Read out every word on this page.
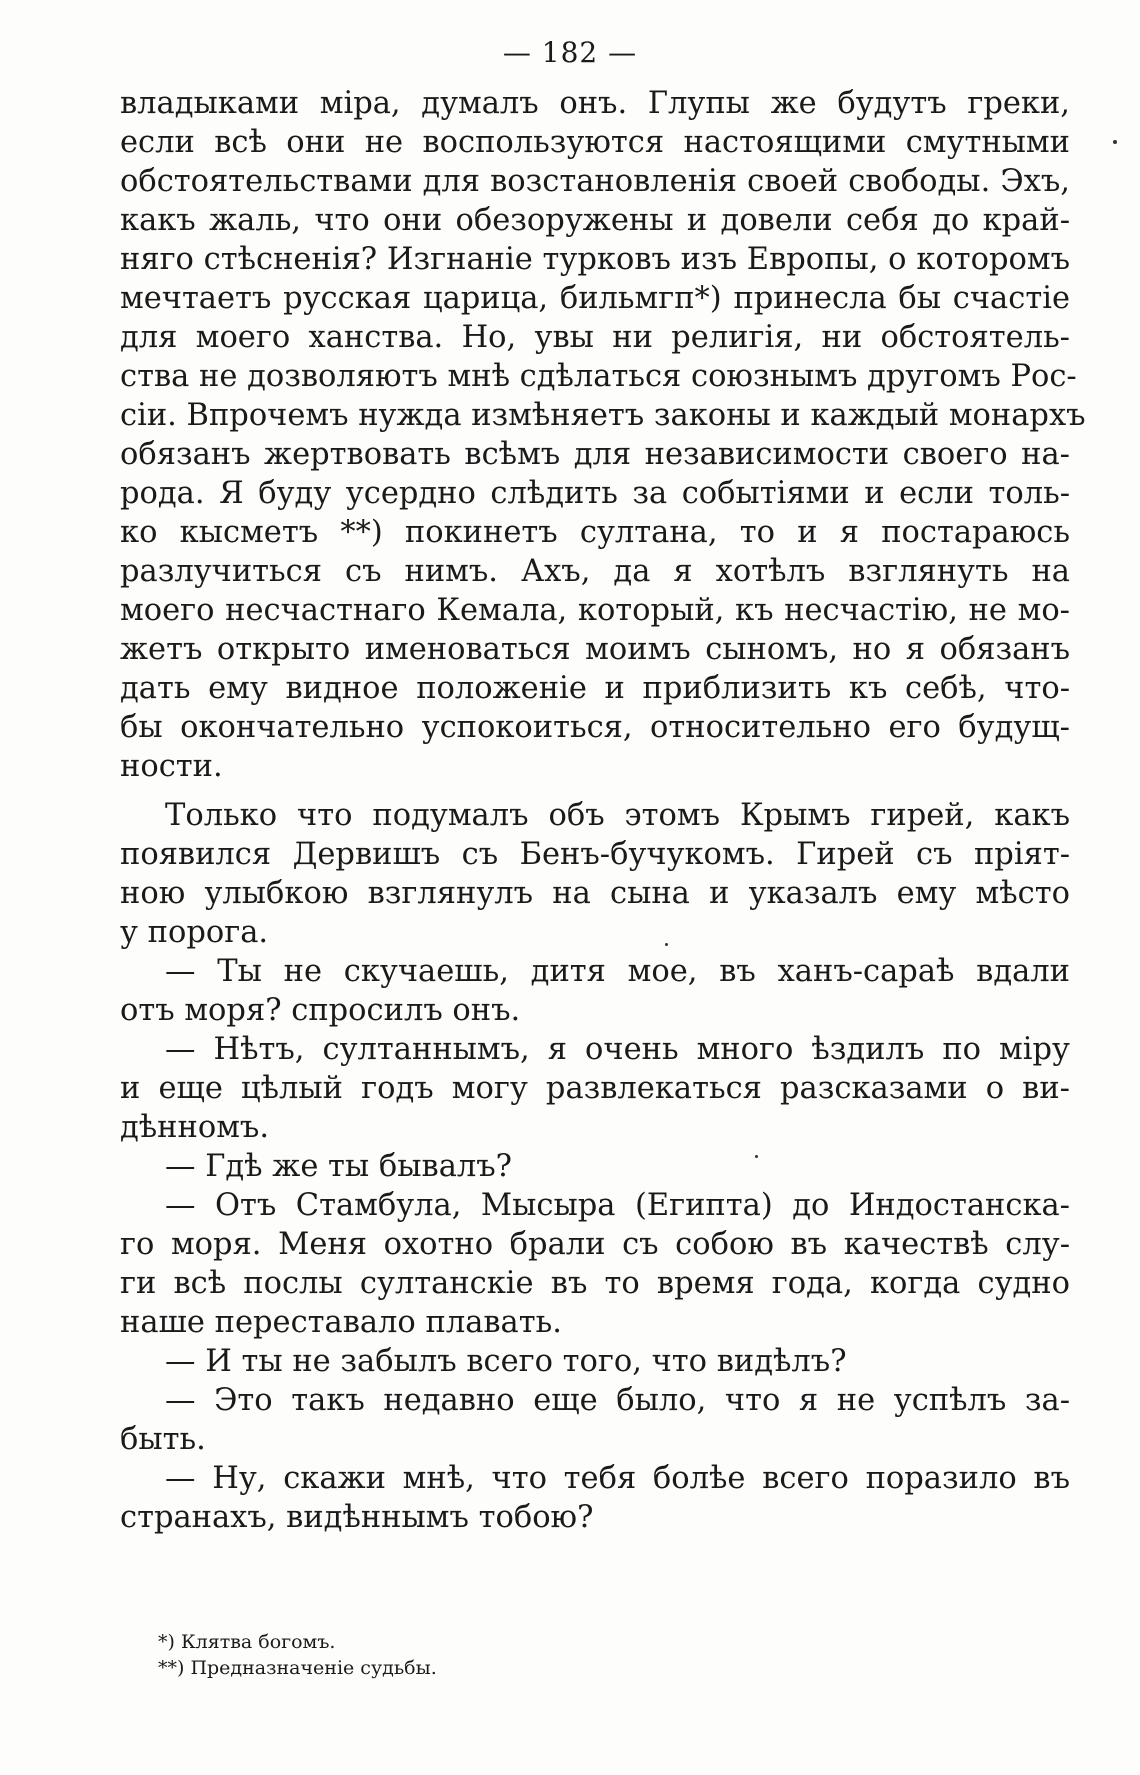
— 182 —
владыками міра, думалъ онъ. Глупы же будутъ греки,
если всѣ они не воспользуются настоящими смутными
обстоятельствами для возстановленія своей свободы. Эхъ,
какъ жаль, что они обезоружены и довели себя до край-
няго стѣсненія? Изгнаніе турковъ изъ Европы, о которомъ
мечтаетъ русская царица, бильмгп*) принесла бы счастіе
для моего ханства. Но, увы ни религія, ни обстоятель-
ства не дозволяютъ мнѣ сдѣлаться союзнымъ другомъ Рос-
сіи. Впрочемъ нужда измѣняетъ законы и каждый монархъ
обязанъ жертвовать всѣмъ для независимости своего на-
рода. Я буду усердно слѣдить за событіями и если толь-
ко кысметъ **) покинетъ султана, то и я постараюсь
разлучиться съ нимъ. Ахъ, да я хотѣлъ взглянуть на
моего несчастнаго Кемала, который, къ несчастію, не мо-
жетъ открыто именоваться моимъ сыномъ, но я обязанъ
дать ему видное положеніе и приблизить къ себѣ, что-
бы окончательно успокоиться, относительно его будущ-
ности.
Только что подумалъ объ этомъ Крымъ гирей, какъ
появился Дервишъ съ Бенъ-бучукомъ. Гирей съ пріят-
ною улыбкою взглянулъ на сына и указалъ ему мѣсто
у порога.
— Ты не скучаешь, дитя мое, въ ханъ-сараѣ вдали
отъ моря? спросилъ онъ.
— Нѣтъ, султаннымъ, я очень много ѣздилъ по міру
и еще цѣлый годъ могу развлекаться разсказами о ви-
дѣнномъ.
— Гдѣ же ты бывалъ?
— Отъ Стамбула, Мысыра (Египта) до Индостанска-
го моря. Меня охотно брали съ собою въ качествѣ слу-
ги всѣ послы султанскіе въ то время года, когда судно
наше переставало плавать.
— И ты не забылъ всего того, что видѣлъ?
— Это такъ недавно еще было, что я не успѣлъ за-
быть.
— Ну, скажи мнѣ, что тебя болѣе всего поразило въ
странахъ, видѣннымъ тобою?
*) Клятва богомъ.
**) Предназначеніе судьбы.
